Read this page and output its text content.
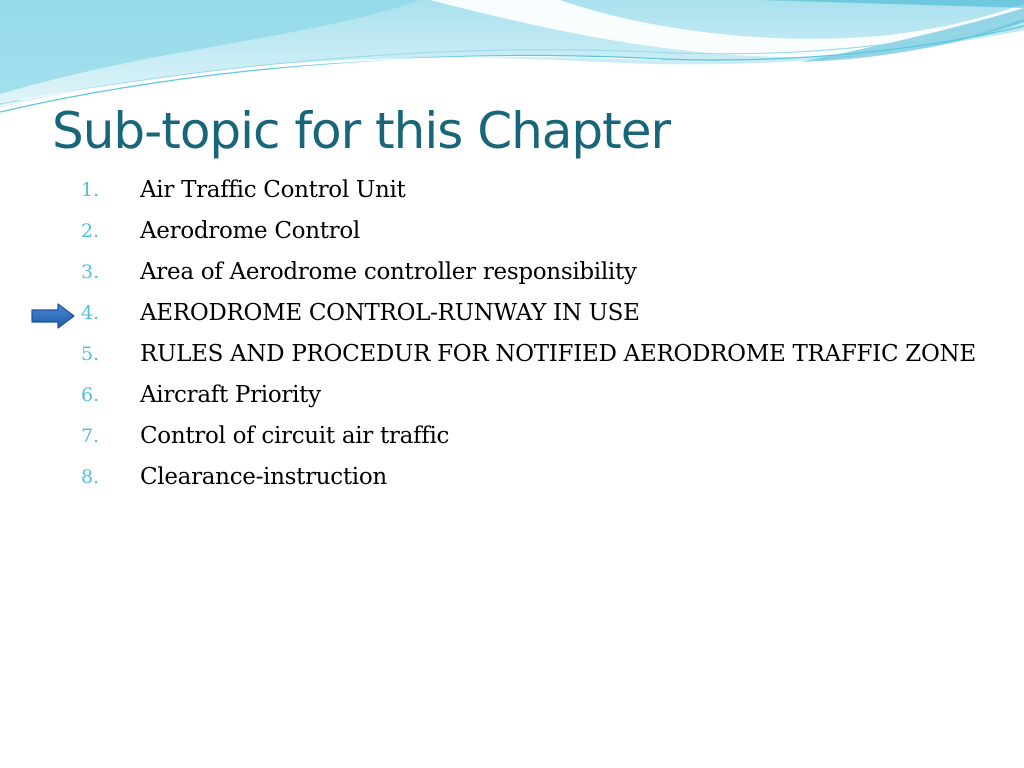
Sub-topic for this Chapter
1.	Air Traffic Control Unit
2.	Aerodrome Control
3.	Area of Aerodrome controller responsibility
4.	AERODROME CONTROL-RUNWAY IN USE
5.	RULES AND PROCEDUR FOR NOTIFIED AERODROME TRAFFIC ZONE
6.	Aircraft Priority
7.	Control of circuit air traffic
8.	Clearance-instruction
